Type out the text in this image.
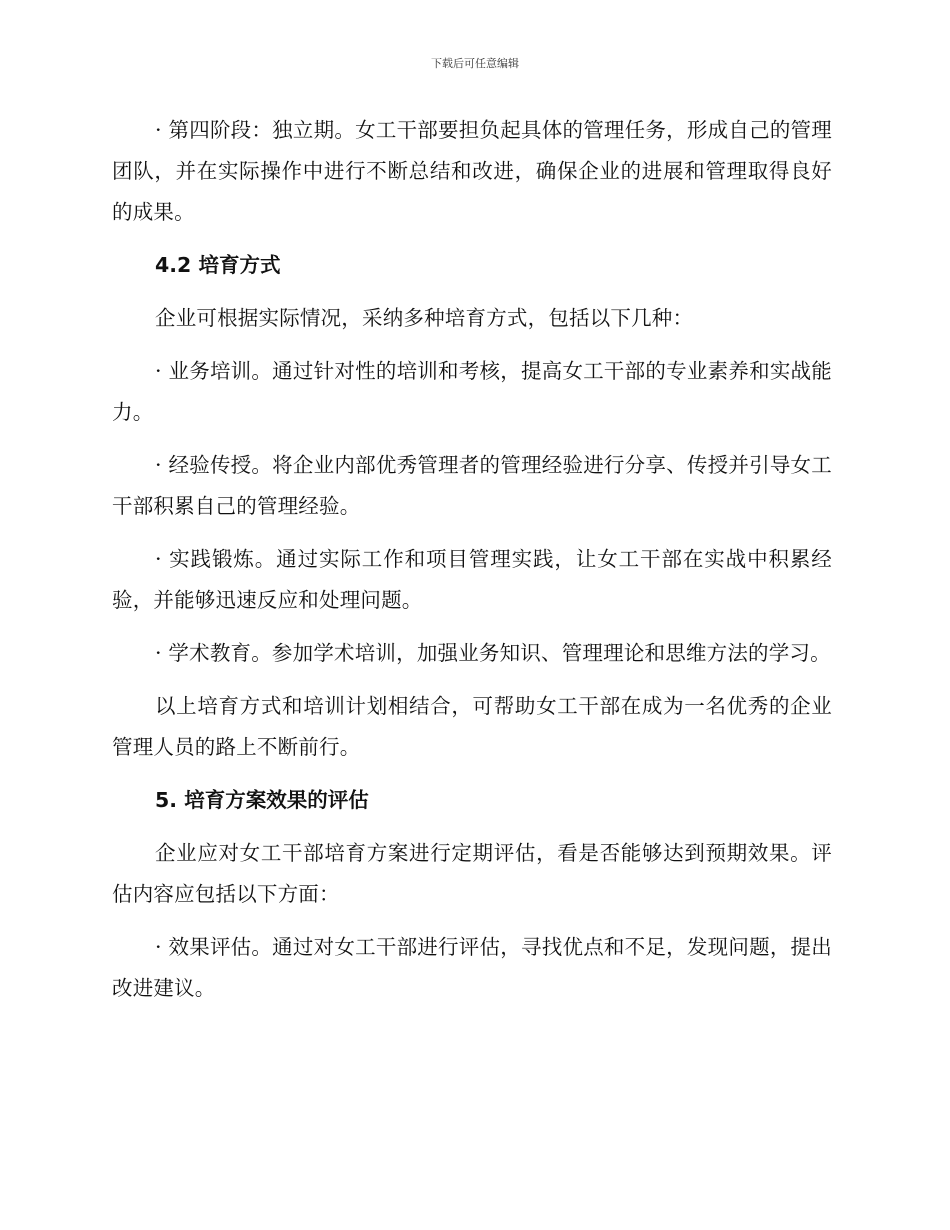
下载后可任意编辑

· 第四阶段：独立期。女工干部要担负起具体的管理任务，形成自己的管理团队，并在实际操作中进行不断总结和改进，确保企业的进展和管理取得良好的成果。

4.2 培育方式

企业可根据实际情况，采纳多种培育方式，包括以下几种：

· 业务培训。通过针对性的培训和考核，提高女工干部的专业素养和实战能力。

· 经验传授。将企业内部优秀管理者的管理经验进行分享、传授并引导女工干部积累自己的管理经验。

· 实践锻炼。通过实际工作和项目管理实践，让女工干部在实战中积累经验，并能够迅速反应和处理问题。

· 学术教育。参加学术培训，加强业务知识、管理理论和思维方法的学习。

以上培育方式和培训计划相结合，可帮助女工干部在成为一名优秀的企业管理人员的路上不断前行。

5. 培育方案效果的评估

企业应对女工干部培育方案进行定期评估，看是否能够达到预期效果。评估内容应包括以下方面：

· 效果评估。通过对女工干部进行评估，寻找优点和不足，发现问题，提出改进建议。
